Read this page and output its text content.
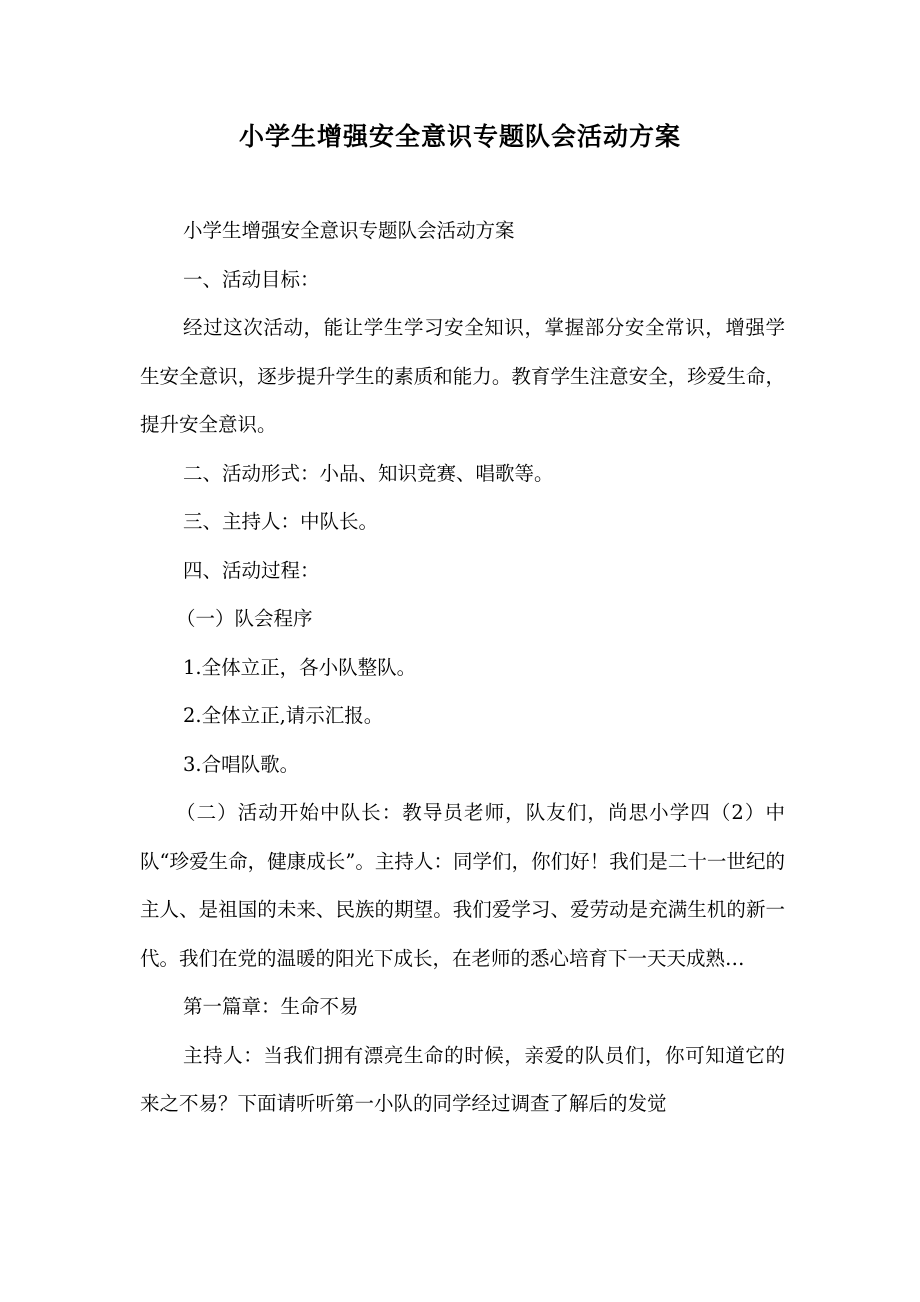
小学生增强安全意识专题队会活动方案

小学生增强安全意识专题队会活动方案

一、活动目标：

经过这次活动，能让学生学习安全知识，掌握部分安全常识，增强学生安全意识，逐步提升学生的素质和能力。教育学生注意安全，珍爱生命，提升安全意识。

二、活动形式：小品、知识竞赛、唱歌等。

三、主持人：中队长。

四、活动过程：

（一）队会程序

1.全体立正，各小队整队。

2.全体立正,请示汇报。

3.合唱队歌。

（二）活动开始中队长：教导员老师，队友们，尚思小学四（2）中队“珍爱生命，健康成长”。主持人：同学们，你们好！我们是二十一世纪的主人、是祖国的未来、民族的期望。我们爱学习、爱劳动是充满生机的新一代。我们在党的温暖的阳光下成长，在老师的悉心培育下一天天成熟…

第一篇章：生命不易

主持人：当我们拥有漂亮生命的时候，亲爱的队员们，你可知道它的来之不易？下面请听听第一小队的同学经过调查了解后的发觉
